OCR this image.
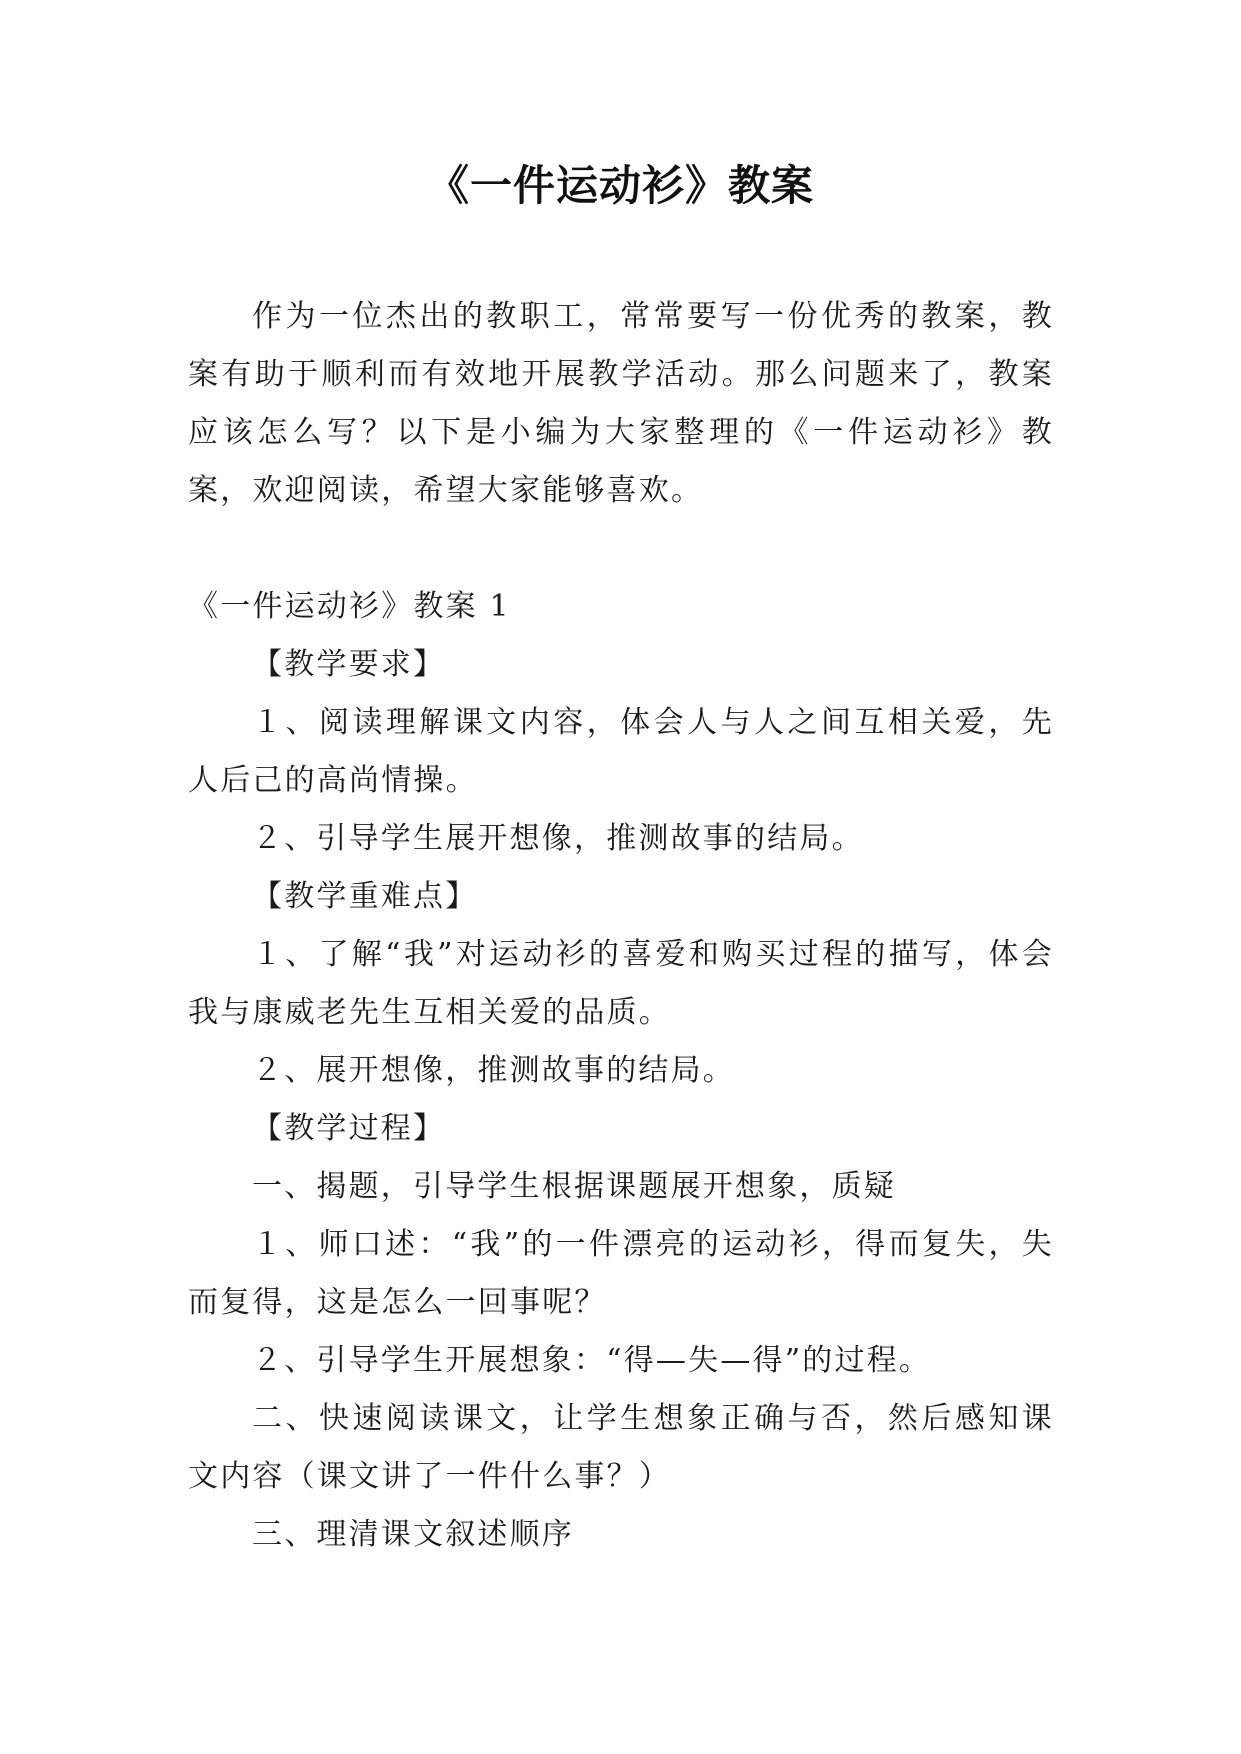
《一件运动衫》教案

作为一位杰出的教职工，常常要写一份优秀的教案，教案有助于顺利而有效地开展教学活动。那么问题来了，教案应该怎么写？以下是小编为大家整理的《一件运动衫》教案，欢迎阅读，希望大家能够喜欢。

《一件运动衫》教案 1

【教学要求】

１、阅读理解课文内容，体会人与人之间互相关爱，先人后己的高尚情操。

２、引导学生展开想像，推测故事的结局。

【教学重难点】

１、了解“我”对运动衫的喜爱和购买过程的描写，体会我与康威老先生互相关爱的品质。

２、展开想像，推测故事的结局。

【教学过程】

一、揭题，引导学生根据课题展开想象，质疑

１、师口述：“我”的一件漂亮的运动衫，得而复失，失而复得，这是怎么一回事呢？

２、引导学生开展想象：“得—失—得”的过程。

二、快速阅读课文，让学生想象正确与否，然后感知课文内容（课文讲了一件什么事？）

三、理清课文叙述顺序
